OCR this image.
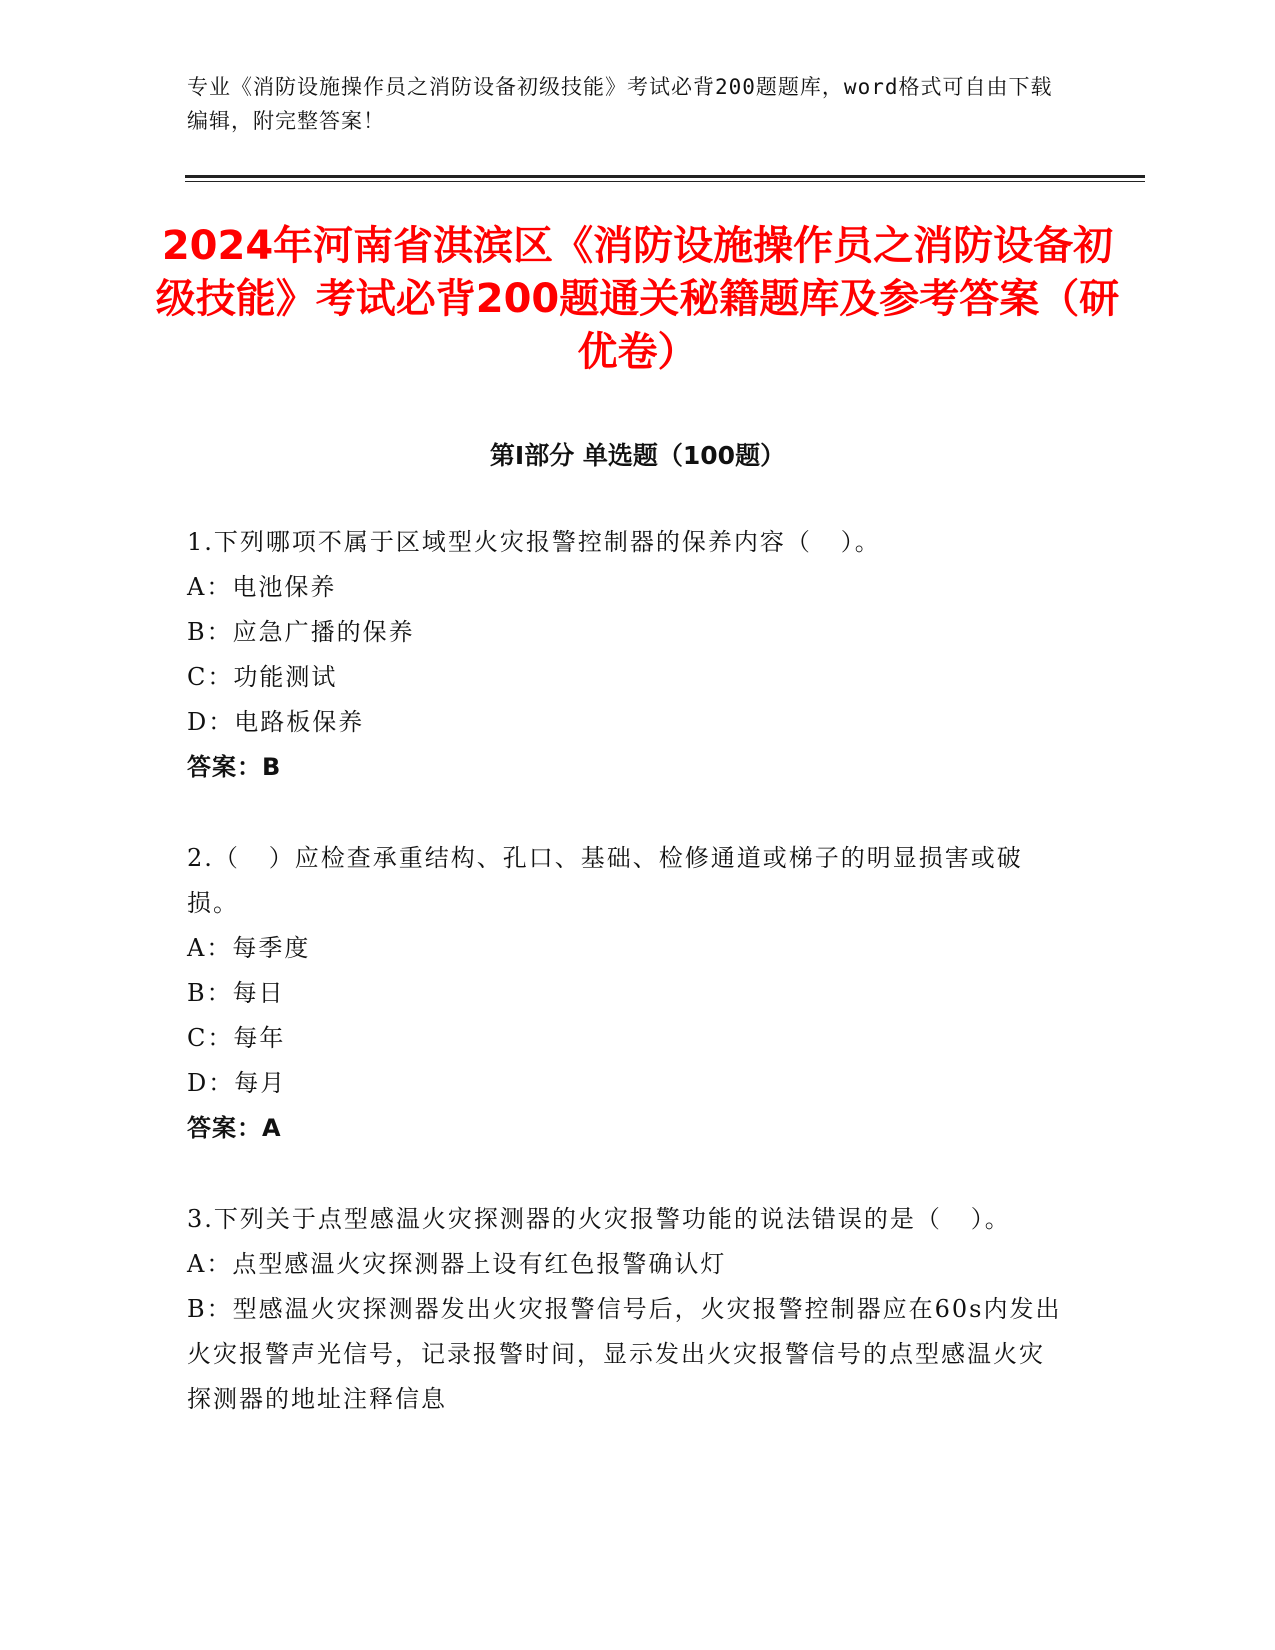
专业《消防设施操作员之消防设备初级技能》考试必背200题题库，word格式可自由下载编辑，附完整答案！
2024年河南省淇滨区《消防设施操作员之消防设备初级技能》考试必背200题通关秘籍题库及参考答案（研优卷）
第I部分 单选题（100题）
1.下列哪项不属于区域型火灾报警控制器的保养内容（   ）。
A：电池保养
B：应急广播的保养
C：功能测试
D：电路板保养
答案：B
2.（   ）应检查承重结构、孔口、基础、检修通道或梯子的明显损害或破损。
A：每季度
B：每日
C：每年
D：每月
答案：A
3.下列关于点型感温火灾探测器的火灾报警功能的说法错误的是（   ）。
A：点型感温火灾探测器上设有红色报警确认灯
B：型感温火灾探测器发出火灾报警信号后，火灾报警控制器应在60s内发出火灾报警声光信号，记录报警时间，显示发出火灾报警信号的点型感温火灾探测器的地址注释信息
